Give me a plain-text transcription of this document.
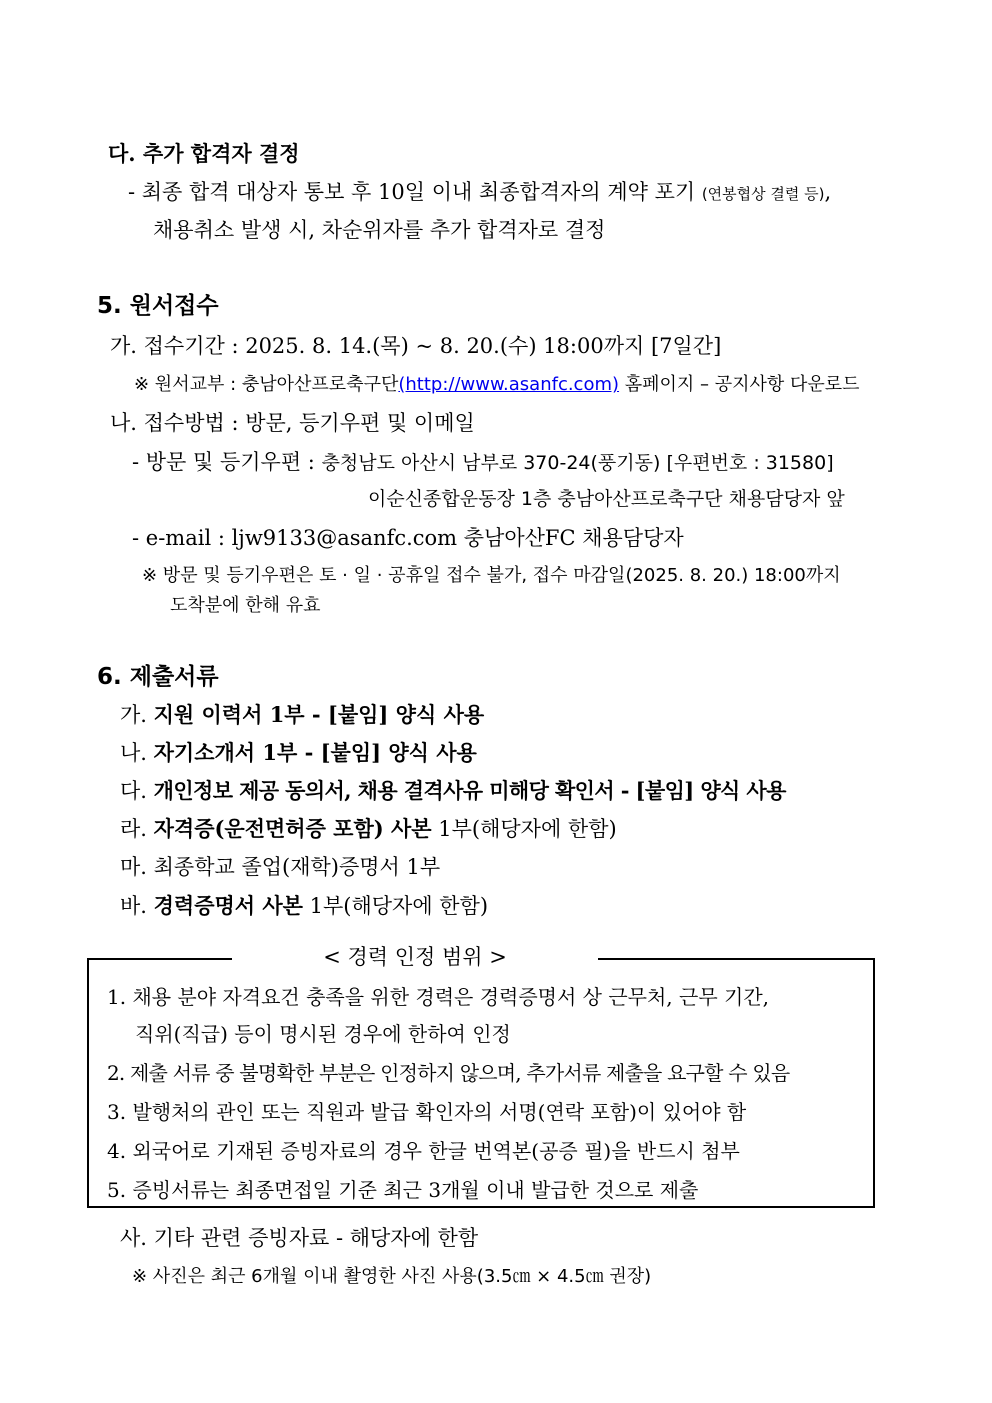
다. 추가 합격자 결정
- 최종 합격 대상자 통보 후 10일 이내 최종합격자의 계약 포기 (연봉협상 결렬 등),
채용취소 발생 시, 차순위자를 추가 합격자로 결정
5. 원서접수
가. 접수기간 : 2025. 8. 14.(목) ~ 8. 20.(수) 18:00까지 [7일간]
※ 원서교부 : 충남아산프로축구단(http://www.asanfc.com) 홈페이지 – 공지사항 다운로드
나. 접수방법 : 방문, 등기우편 및 이메일
- 방문 및 등기우편 : 충청남도 아산시 남부로 370-24(풍기동) [우편번호 : 31580]
이순신종합운동장 1층 충남아산프로축구단 채용담당자 앞
- e-mail : ljw9133@asanfc.com 충남아산FC 채용담당자
※ 방문 및 등기우편은 토 · 일 · 공휴일 접수 불가, 접수 마감일(2025. 8. 20.) 18:00까지
도착분에 한해 유효
6. 제출서류
가. 지원 이력서 1부 - [붙임] 양식 사용
나. 자기소개서 1부 - [붙임] 양식 사용
다. 개인정보 제공 동의서, 채용 결격사유 미해당 확인서 - [붙임] 양식 사용
라. 자격증(운전면허증 포함) 사본 1부(해당자에 한함)
마. 최종학교 졸업(재학)증명서 1부
바. 경력증명서 사본 1부(해당자에 한함)
< 경력 인정 범위 >
1. 채용 분야 자격요건 충족을 위한 경력은 경력증명서 상 근무처, 근무 기간,
직위(직급) 등이 명시된 경우에 한하여 인정
2. 제출 서류 중 불명확한 부분은 인정하지 않으며, 추가서류 제출을 요구할 수 있음
3. 발행처의 관인 또는 직원과 발급 확인자의 서명(연락 포함)이 있어야 함
4. 외국어로 기재된 증빙자료의 경우 한글 번역본(공증 필)을 반드시 첨부
5. 증빙서류는 최종면접일 기준 최근 3개월 이내 발급한 것으로 제출
사. 기타 관련 증빙자료 - 해당자에 한함
※ 사진은 최근 6개월 이내 촬영한 사진 사용(3.5㎝ × 4.5㎝ 권장)
